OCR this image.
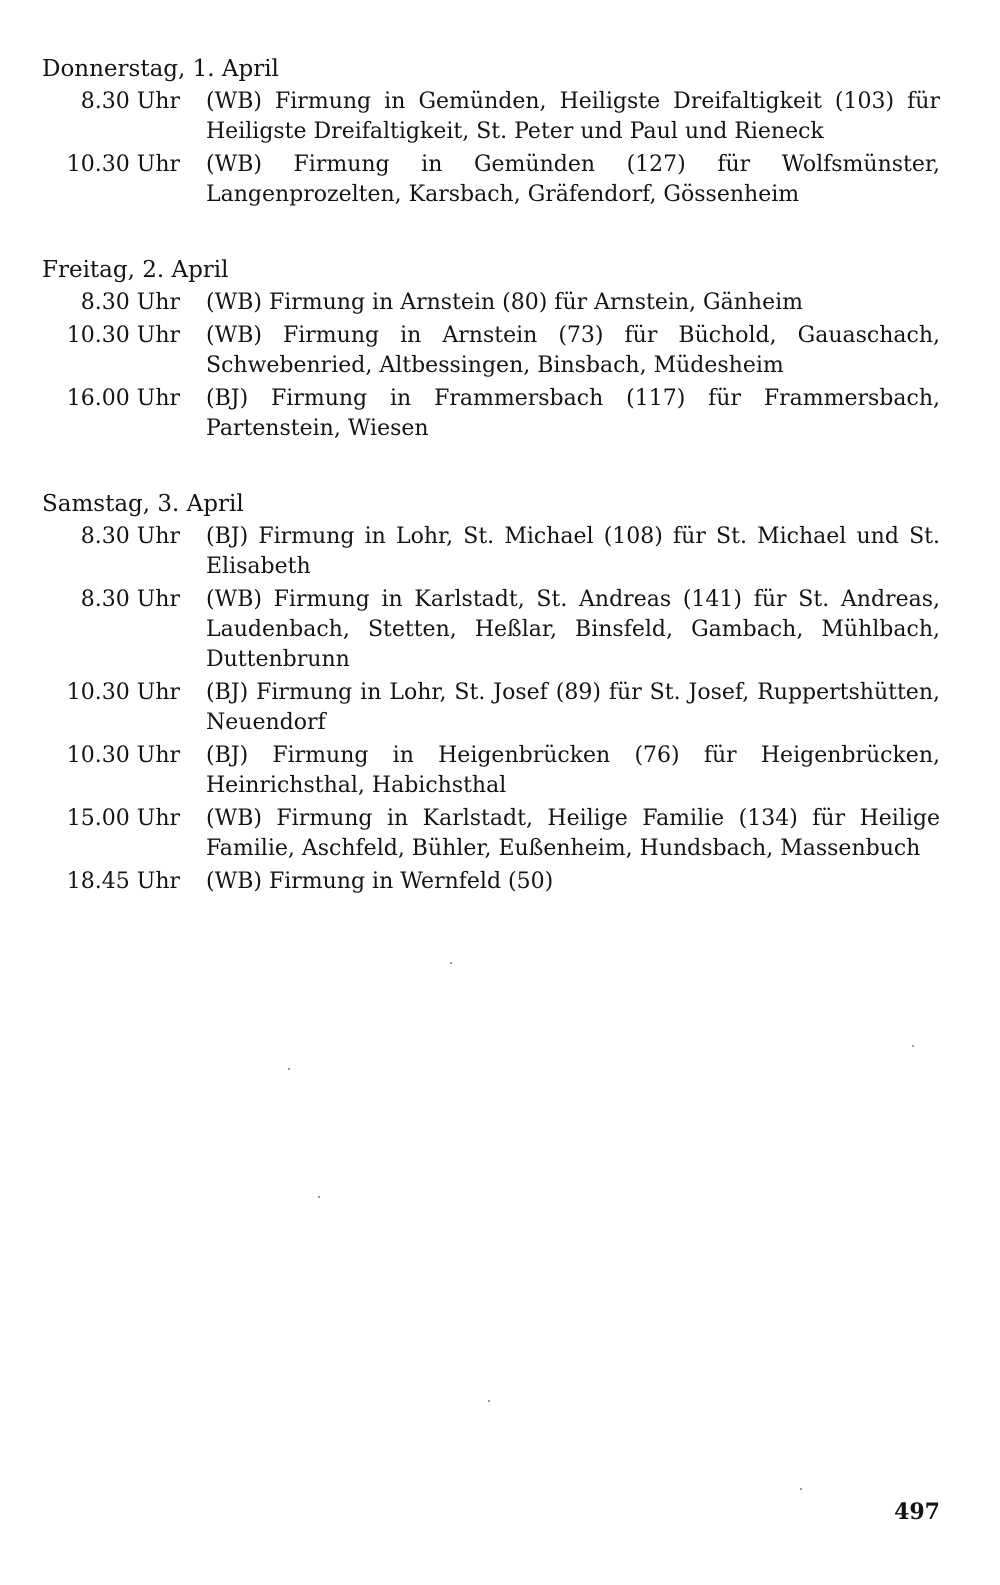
Donnerstag, 1. April
8.30 Uhr (WB) Firmung in Gemünden, Heiligste Dreifaltigkeit (103) für Heiligste Dreifaltigkeit, St. Peter und Paul und Rieneck
10.30 Uhr (WB) Firmung in Gemünden (127) für Wolfsmünster, Langenprozelten, Karsbach, Gräfendorf, Gössenheim
Freitag, 2. April
8.30 Uhr (WB) Firmung in Arnstein (80) für Arnstein, Gänheim
10.30 Uhr (WB) Firmung in Arnstein (73) für Büchold, Gauaschach, Schwebenried, Altbessingen, Binsbach, Müdesheim
16.00 Uhr (BJ) Firmung in Frammersbach (117) für Frammersbach, Partenstein, Wiesen
Samstag, 3. April
8.30 Uhr (BJ) Firmung in Lohr, St. Michael (108) für St. Michael und St. Elisabeth
8.30 Uhr (WB) Firmung in Karlstadt, St. Andreas (141) für St. Andreas, Laudenbach, Stetten, Heßlar, Binsfeld, Gambach, Mühlbach, Duttenbrunn
10.30 Uhr (BJ) Firmung in Lohr, St. Josef (89) für St. Josef, Ruppertshütten, Neuendorf
10.30 Uhr (BJ) Firmung in Heigenbrücken (76) für Heigenbrücken, Heinrichsthal, Habichsthal
15.00 Uhr (WB) Firmung in Karlstadt, Heilige Familie (134) für Heilige Familie, Aschfeld, Bühler, Eußenheim, Hundsbach, Massenbuch
18.45 Uhr (WB) Firmung in Wernfeld (50)
497
